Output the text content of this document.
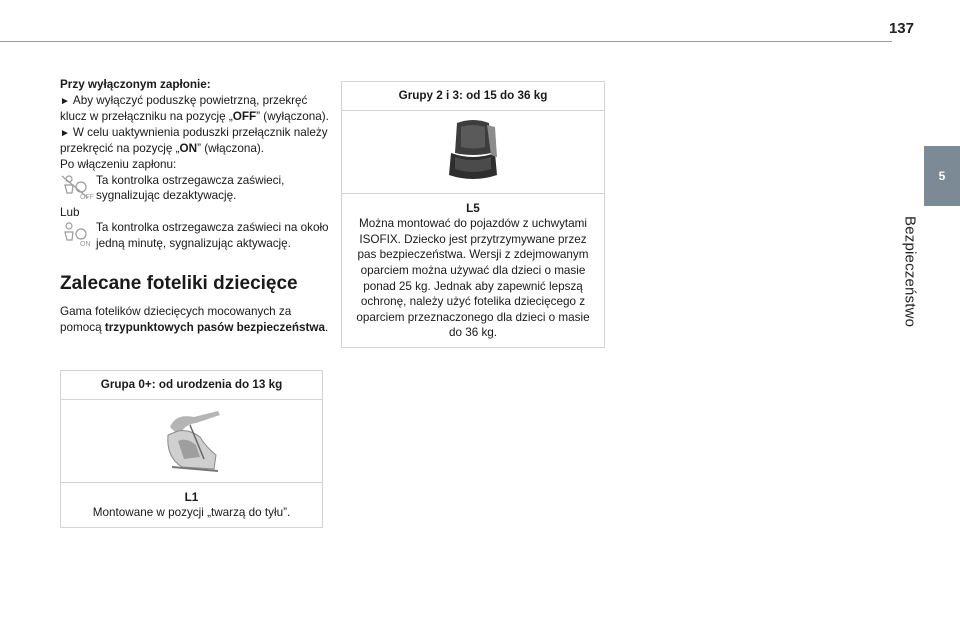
137
5
Bezpieczeństwo

Przy wyłączonym zapłonie:

► Aby wyłączyć poduszkę powietrzną, przekręć klucz w przełączniku na pozycję „OFF” (wyłączona).

► W celu uaktywnienia poduszki przełącznik należy przekręcić na pozycję „ON” (włączona).

Po włączeniu zapłonu:

OFF
Ta kontrolka ostrzegawcza zaświeci, sygnalizując dezaktywację.

Lub

ON
Ta kontrolka ostrzegawcza zaświeci na około jedną minutę, sygnalizując aktywację.

Zalecane foteliki dziecięce

Gama fotelików dziecięcych mocowanych za pomocą trzypunktowych pasów bezpieczeństwa.

Grupa 0+: od urodzenia do 13 kg
L1
Montowane w pozycji „twarzą do tyłu”.
Grupy 2 i 3: od 15 do 36 kg
L5
Można montować do pojazdów z uchwytami ISOFIX. Dziecko jest przytrzymywane przez pas bezpieczeństwa. Wersji z zdejmowanym oparciem można używać dla dzieci o masie ponad 25 kg. Jednak aby zapewnić lepszą ochronę, należy użyć fotelika dziecięcego z oparciem przeznaczonego dla dzieci o masie do 36 kg.
